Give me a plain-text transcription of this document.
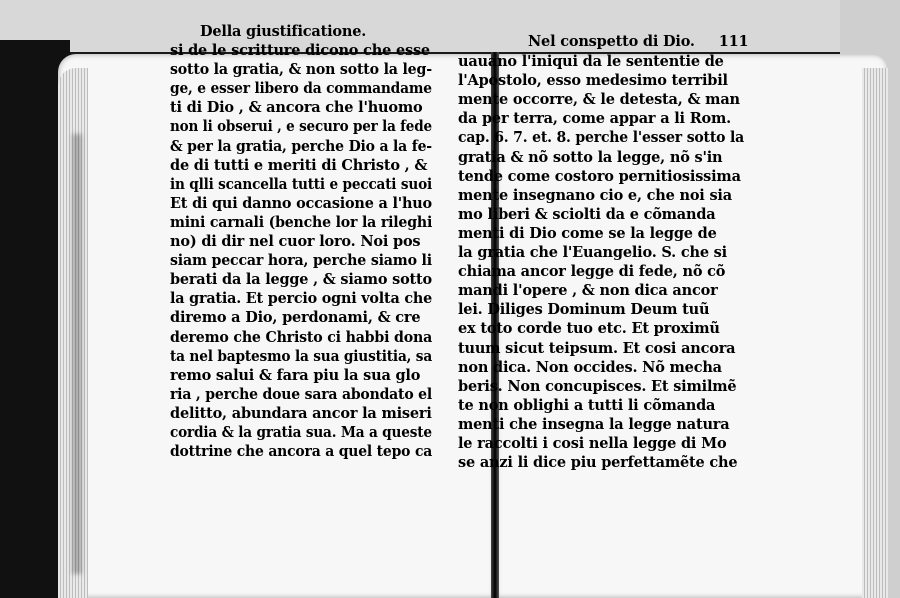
Della giustificatione.
si de le scritture dicono che esse
sotto la gratia, & non sotto la leg-
ge, e esser libero da commandame
ti di Dio , & ancora che l'huomo
non li obserui , e securo per la fede
& per la gratia, perche Dio a la fe-
de di tutti e meriti di Christo , &
in qlli scancella tutti e peccati suoi
Et di qui danno occasione a l'huo
mini carnali (benche lor la rileghi
no) di dir nel cuor loro. Noi pos
siam peccar hora, perche siamo li
berati da la legge , & siamo sotto
la gratia. Et percio ogni volta che
diremo a Dio, perdonami, & cre
deremo che Christo ci habbi dona
ta nel baptesmo la sua giustitia, sa
remo salui & fara piu la sua glo
ria , perche doue sara abondato el
delitto, abundara ancor la miseri
cordia & la gratia sua. Ma a queste
dottrine che ancora a quel tepo ca
Nel conspetto di Dio. 111
uauano l'iniqui da le sententie de
l'Apostolo, esso medesimo terribil
mente occorre, & le detesta, & man
da per terra, come appar a li Rom.
cap. 6. 7. et. 8. perche l'esser sotto la
gratia & nõ sotto la legge, nõ s'in
tende come costoro pernitiosissima
mente insegnano cio e, che noi sia
mo liberi & sciolti da e cõmanda
menti di Dio come se la legge de
la gratia che l'Euangelio. S. che si
chiama ancor legge di fede, nõ cõ
mandi l'opere , & non dica ancor
lei. Diliges Dominum Deum tuũ
ex toto corde tuo etc. Et proximũ
tuum sicut teipsum. Et cosi ancora
non dica. Non occides. Nõ mecha
beris. Non concupisces. Et similmẽ
te non oblighi a tutti li cõmanda
menti che insegna la legge natura
le raccolti i cosi nella legge di Mo
se anzi li dice piu perfettamẽte che
